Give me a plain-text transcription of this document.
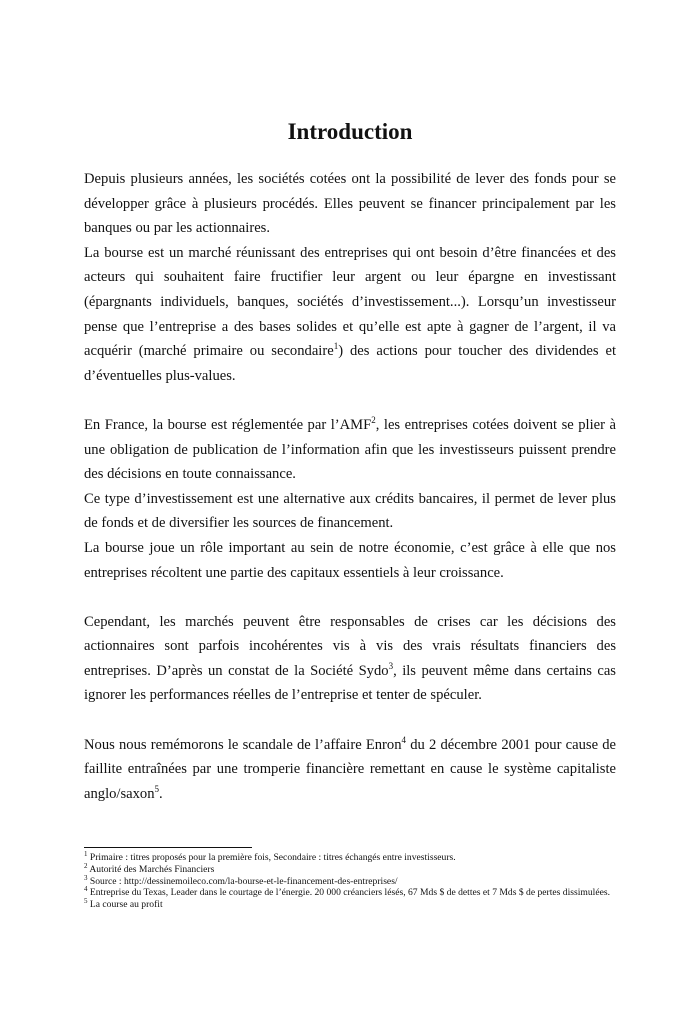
Introduction

Depuis plusieurs années, les sociétés cotées ont la possibilité de lever des fonds pour se développer grâce à plusieurs procédés. Elles peuvent se financer principalement par les banques ou par les actionnaires.

La bourse est un marché réunissant des entreprises qui ont besoin d’être financées et des acteurs qui souhaitent faire fructifier leur argent ou leur épargne en investissant (épargnants individuels, banques, sociétés d’investissement...). Lorsqu’un investisseur pense que l’entreprise a des bases solides et qu’elle est apte à gagner de l’argent, il va acquérir (marché primaire ou secondaire$^1$) des actions pour toucher des dividendes et d’éventuelles plus-values.

En France, la bourse est réglementée par l’AMF$^2$, les entreprises cotées doivent se plier à une obligation de publication de l’information afin que les investisseurs puissent prendre des décisions en toute connaissance.

Ce type d’investissement est une alternative aux crédits bancaires, il permet de lever plus de fonds et de diversifier les sources de financement.

La bourse joue un rôle important au sein de notre économie, c’est grâce à elle que nos entreprises récoltent une partie des capitaux essentiels à leur croissance.

Cependant, les marchés peuvent être responsables de crises car les décisions des actionnaires sont parfois incohérentes vis à vis des vrais résultats financiers des entreprises. D’après un constat de la Société Sydo$^3$, ils peuvent même dans certains cas ignorer les performances réelles de l’entreprise et tenter de spéculer.

Nous nous remémorons le scandale de l’affaire Enron$^4$ du 2 décembre 2001 pour cause de faillite entraînées par une tromperie financière remettant en cause le système capitaliste anglo/saxon$^5$.

$^1$ Primaire : titres proposés pour la première fois, Secondaire : titres échangés entre investisseurs.

$^2$ Autorité des Marchés Financiers

$^3$ Source : http://dessinemoileco.com/la-bourse-et-le-financement-des-entreprises/

$^4$ Entreprise du Texas, Leader dans le courtage de l’énergie. 20 000 créanciers lésés, 67 Mds $ de dettes et 7 Mds $ de pertes dissimulées.

$^5$ La course au profit
